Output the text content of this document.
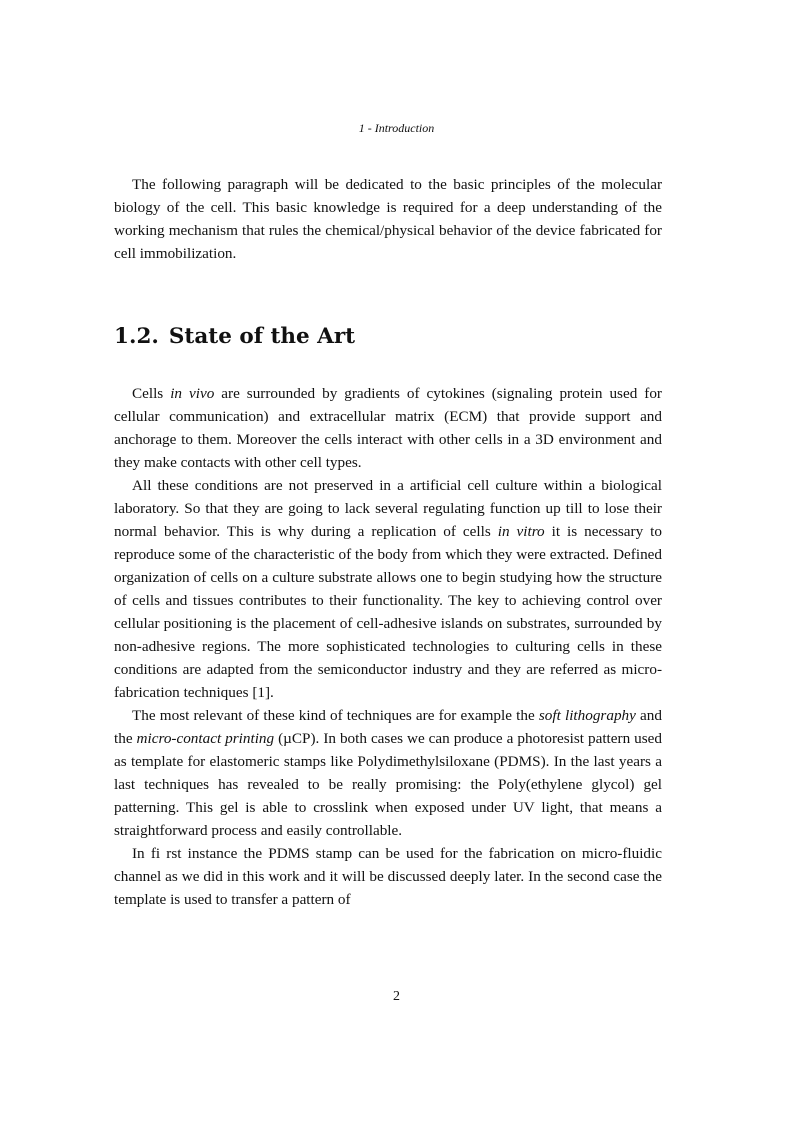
1 - Introduction

The following paragraph will be dedicated to the basic principles of the molecular biology of the cell. This basic knowledge is required for a deep understanding of the working mechanism that rules the chemical/physical behavior of the device fabricated for cell immobilization.

1.2. State of the Art

Cells in vivo are surrounded by gradients of cytokines (signaling protein used for cellular communication) and extracellular matrix (ECM) that provide support and anchorage to them. Moreover the cells interact with other cells in a 3D environment and they make contacts with other cell types.

All these conditions are not preserved in a artificial cell culture within a biological laboratory. So that they are going to lack several regulating function up till to lose their normal behavior. This is why during a replication of cells in vitro it is necessary to reproduce some of the characteristic of the body from which they were extracted. Defined organization of cells on a culture substrate allows one to begin studying how the structure of cells and tissues contributes to their functionality. The key to achieving control over cellular positioning is the placement of cell-adhesive islands on substrates, surrounded by non-adhesive regions. The more sophisticated technologies to culturing cells in these conditions are adapted from the semiconductor industry and they are referred as micro-fabrication techniques [1].

The most relevant of these kind of techniques are for example the soft lithography and the micro-contact printing (µCP). In both cases we can produce a photoresist pattern used as template for elastomeric stamps like Polydimethylsiloxane (PDMS). In the last years a last techniques has revealed to be really promising: the Poly(ethylene glycol) gel patterning. This gel is able to crosslink when exposed under UV light, that means a straightforward process and easily controllable.

In fi rst instance the PDMS stamp can be used for the fabrication on micro-fluidic channel as we did in this work and it will be discussed deeply later. In the second case the template is used to transfer a pattern of

2
